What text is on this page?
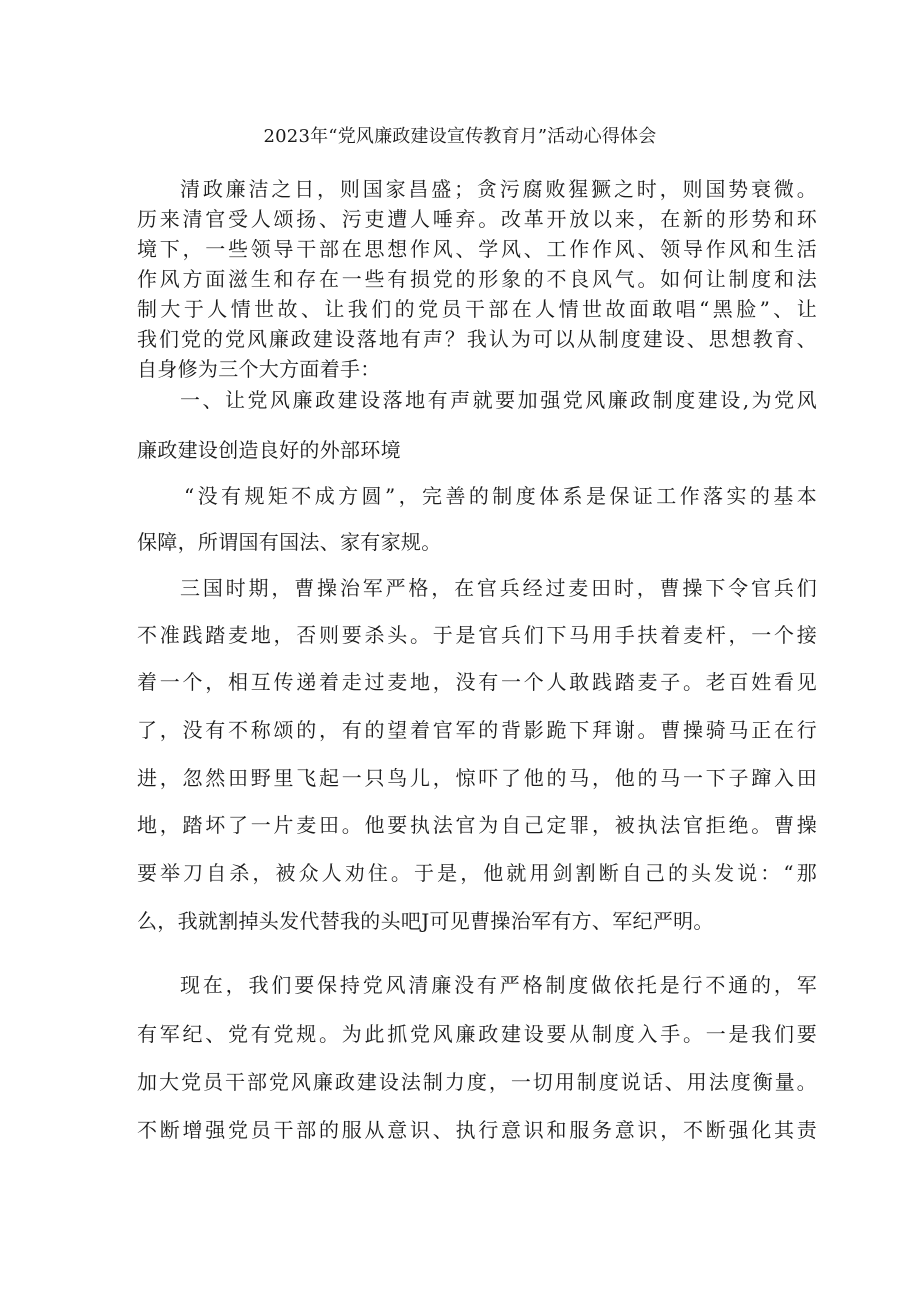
2023年“党风廉政建设宣传教育月”活动心得体会
清政廉洁之日，则国家昌盛；贪污腐败猩獗之时，则国势衰微。
历来清官受人颂扬、污吏遭人唾弃。改革开放以来，在新的形势和环
境下，一些领导干部在思想作风、学风、工作作风、领导作风和生活
作风方面滋生和存在一些有损党的形象的不良风气。如何让制度和法
制大于人情世故、让我们的党员干部在人情世故面敢唱“黑脸”、让
我们党的党风廉政建设落地有声？我认为可以从制度建设、思想教育、
自身修为三个大方面着手：
一、让党风廉政建设落地有声就要加强党风廉政制度建设,为党风
廉政建设创造良好的外部环境
“没有规矩不成方圆”，完善的制度体系是保证工作落实的基本
保障，所谓国有国法、家有家规。
三国时期，曹操治军严格，在官兵经过麦田时，曹操下令官兵们
不准践踏麦地，否则要杀头。于是官兵们下马用手扶着麦杆，一个接
着一个，相互传递着走过麦地，没有一个人敢践踏麦子。老百姓看见
了，没有不称颂的，有的望着官军的背影跪下拜谢。曹操骑马正在行
进，忽然田野里飞起一只鸟儿，惊吓了他的马，他的马一下子蹿入田
地，踏坏了一片麦田。他要执法官为自己定罪，被执法官拒绝。曹操
要举刀自杀，被众人劝住。于是，他就用剑割断自己的头发说：“那
么，我就割掉头发代替我的头吧J可见曹操治军有方、军纪严明。
现在，我们要保持党风清廉没有严格制度做依托是行不通的，军
有军纪、党有党规。为此抓党风廉政建设要从制度入手。一是我们要
加大党员干部党风廉政建设法制力度，一切用制度说话、用法度衡量。
不断增强党员干部的服从意识、执行意识和服务意识，不断强化其责
